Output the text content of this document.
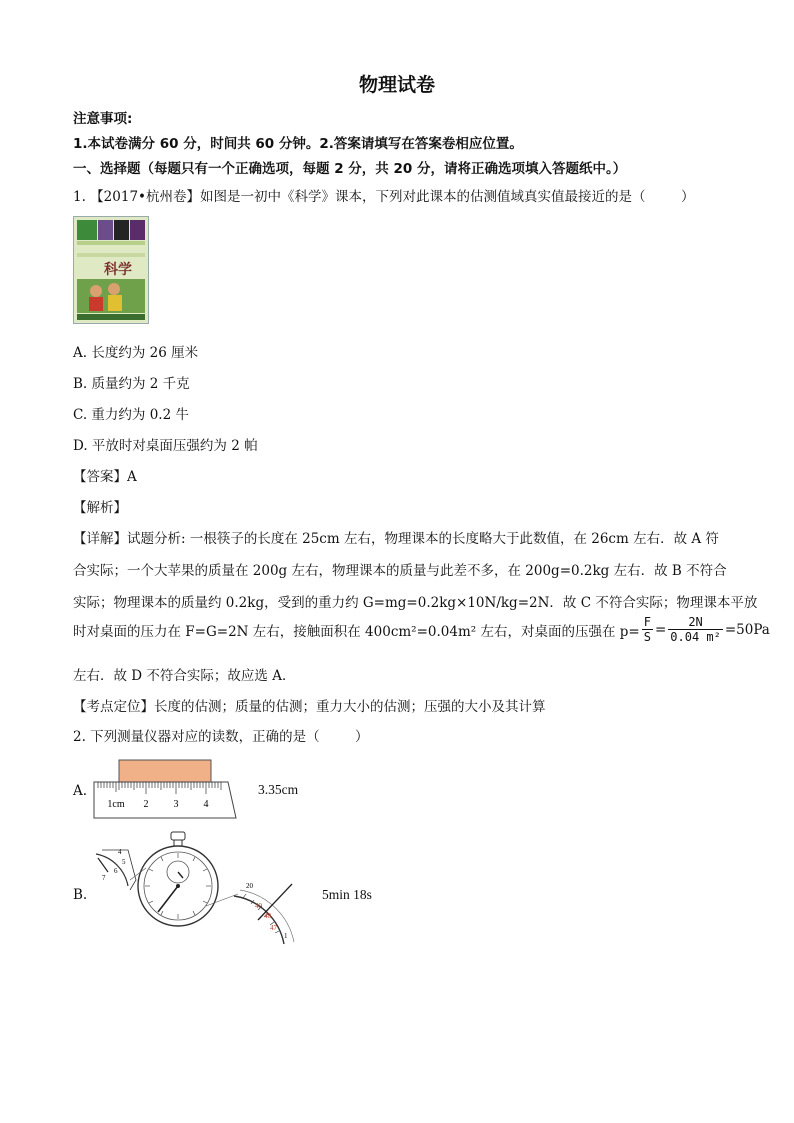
物理试卷
注意事项:
1.本试卷满分 60 分，时间共 60 分钟。2.答案请填写在答案卷相应位置。
一、选择题（每题只有一个正确选项，每题 2 分，共 20 分，请将正确选项填入答题纸中。）
1. 【2017•杭州卷】如图是一初中《科学》课本，下列对此课本的估测值域真实值最接近的是（	）
科学
A. 长度约为 26 厘米
B. 质量约为 2 千克
C. 重力约为 0.2 牛
D. 平放时对桌面压强约为 2 帕
【答案】A
【解析】
【详解】试题分析: 一根筷子的长度在 25cm 左右，物理课本的长度略大于此数值，在 26cm 左右．故 A 符
合实际；一个大苹果的质量在 200g 左右，物理课本的质量与此差不多，在 200g=0.2kg 左右．故 B 不符合
实际；物理课本的质量约 0.2kg，受到的重力约 G=mg=0.2kg×10N/kg=2N．故 C 不符合实际；物理课本平放
时对桌面的压力在 F=G=2N 左右，接触面积在 400cm²=0.04m² 左右，对桌面的压强在 $p= \frac{F}{S} = \frac{2N}{\text{0.04 m²}} =50Pa$
左右．故 D 不符合实际；故应选 A．
【考点定位】长度的估测；质量的估测；重力大小的估测；压强的大小及其计算
2. 下列测量仪器对应的读数，正确的是（	）
A.
1cm 2	3	4
3.35cm
B.
4
5
6
7
20
49
48
47
1
5min 18s
